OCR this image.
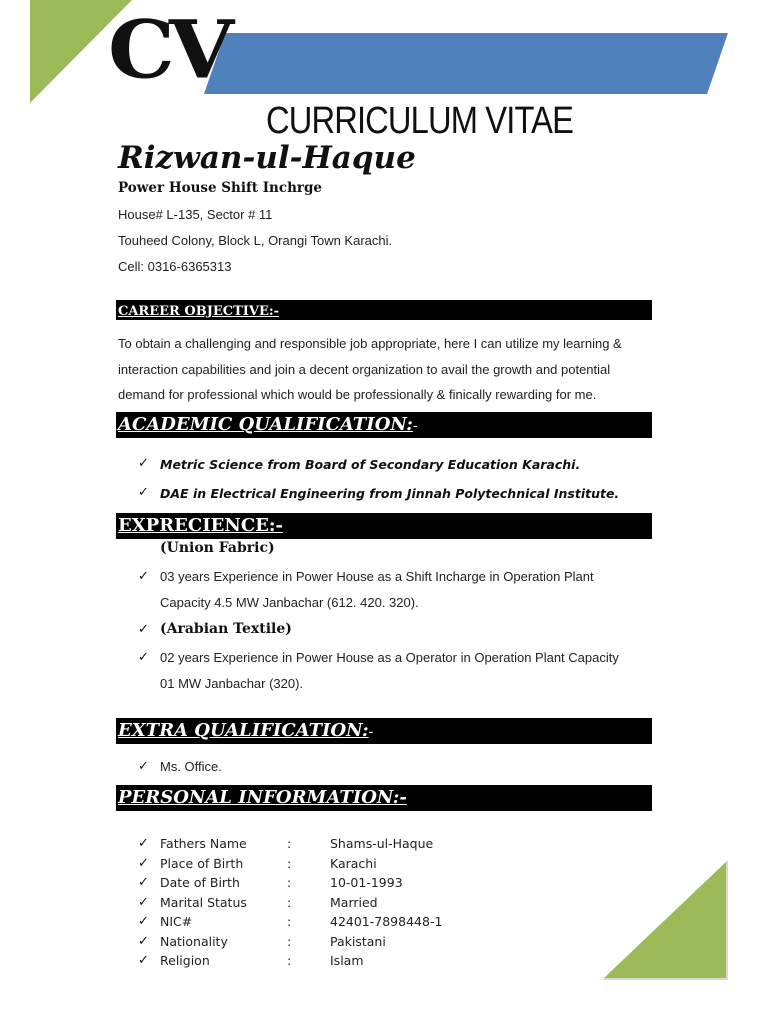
CV
CURRICULUM VITAE
Rizwan-ul-Haque
Power House Shift Inchrge
House# L-135, Sector # 11
Touheed Colony, Block L, Orangi Town Karachi.
Cell: 0316-6365313
CAREER OBJECTIVE:-
To obtain a challenging and responsible job appropriate, here I can utilize my learning &
interaction capabilities and join a decent organization to avail the growth and potential
demand for professional which would be professionally & finically rewarding for me.
ACADEMIC QUALIFICATION:-
✓ Metric Science from Board of Secondary Education Karachi.
✓ DAE in Electrical Engineering from Jinnah Polytechnical Institute.
EXPRECIENCE:-
(Union Fabric)
✓ 03 years Experience in Power House as a Shift Incharge in Operation Plant
Capacity 4.5 MW Janbachar (612. 420. 320).
✓ (Arabian Textile)
✓ 02 years Experience in Power House as a Operator in Operation Plant Capacity
01 MW Janbachar (320).
EXTRA QUALIFICATION:-
✓ Ms. Office.
PERSONAL INFORMATION:-
✓ Fathers Name	:	Shams-ul-Haque
✓ Place of Birth	:	Karachi
✓ Date of Birth	:	10-01-1993
✓ Marital Status	:	Married
✓ NIC#	:	42401-7898448-1
✓ Nationality	:	Pakistani
✓ Religion	:	Islam
